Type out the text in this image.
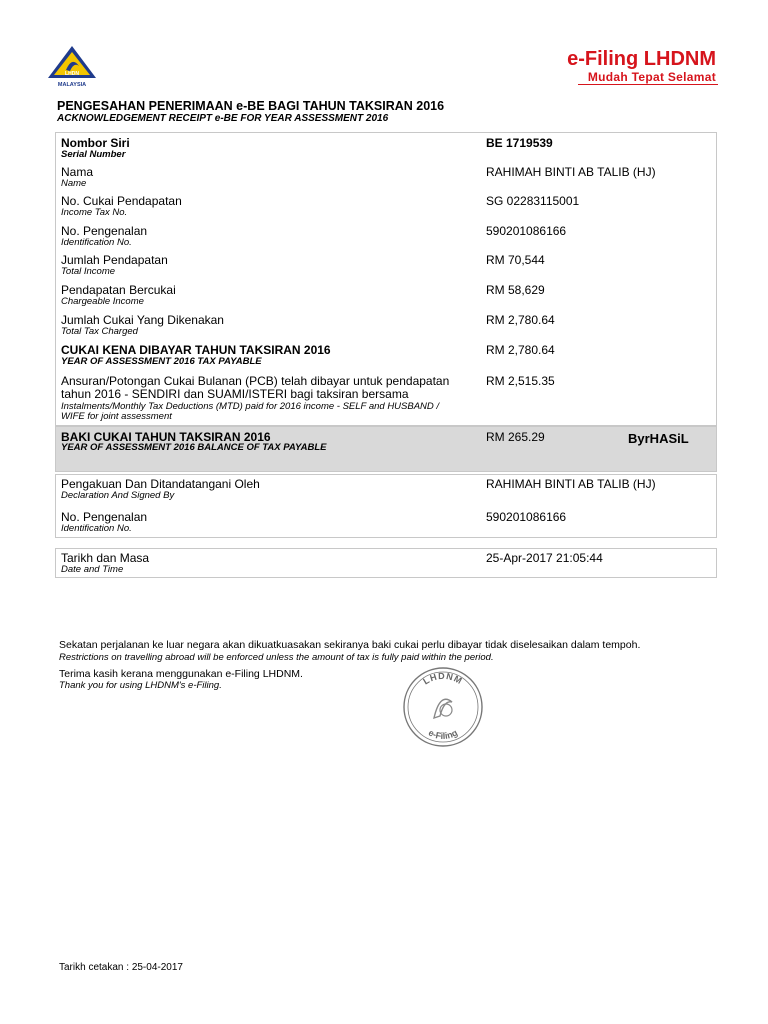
LHDN
MALAYSIA
e-Filing LHDNM
Mudah Tepat Selamat
PENGESAHAN PENERIMAAN e-BE BAGI TAHUN TAKSIRAN 2016
ACKNOWLEDGEMENT RECEIPT e-BE FOR YEAR ASSESSMENT 2016
Nombor Siri
Serial Number
BE 1719539
Nama
Name
RAHIMAH BINTI AB TALIB (HJ)
No. Cukai Pendapatan
Income Tax No.
SG 02283115001
No. Pengenalan
Identification No.
590201086166
Jumlah Pendapatan
Total Income
RM 70,544
Pendapatan Bercukai
Chargeable Income
RM 58,629
Jumlah Cukai Yang Dikenakan
Total Tax Charged
RM 2,780.64
CUKAI KENA DIBAYAR TAHUN TAKSIRAN 2016
YEAR OF ASSESSMENT 2016 TAX PAYABLE
RM 2,780.64
Ansuran/Potongan Cukai Bulanan (PCB) telah dibayar untuk pendapatan
tahun 2016 - SENDIRI dan SUAMI/ISTERI bagi taksiran bersama
Instalments/Monthly Tax Deductions (MTD) paid for 2016 income - SELF and HUSBAND /
WIFE for joint assessment
RM 2,515.35
BAKI CUKAI TAHUN TAKSIRAN 2016
YEAR OF ASSESSMENT 2016 BALANCE OF TAX PAYABLE
RM 265.29	ByrHASiL
Pengakuan Dan Ditandatangani Oleh
Declaration And Signed By
RAHIMAH BINTI AB TALIB (HJ)
No. Pengenalan
Identification No.
590201086166
Tarikh dan Masa
Date and Time
25-Apr-2017 21:05:44
Sekatan perjalanan ke luar negara akan dikuatkuasakan sekiranya baki cukai perlu dibayar tidak diselesaikan dalam tempoh.
Restrictions on travelling abroad will be enforced unless the amount of tax is fully paid within the period.
Terima kasih kerana menggunakan e-Filing LHDNM.
Thank you for using LHDNM's e-Filing.	LHDNM
e-Filing
Tarikh cetakan : 25-04-2017
